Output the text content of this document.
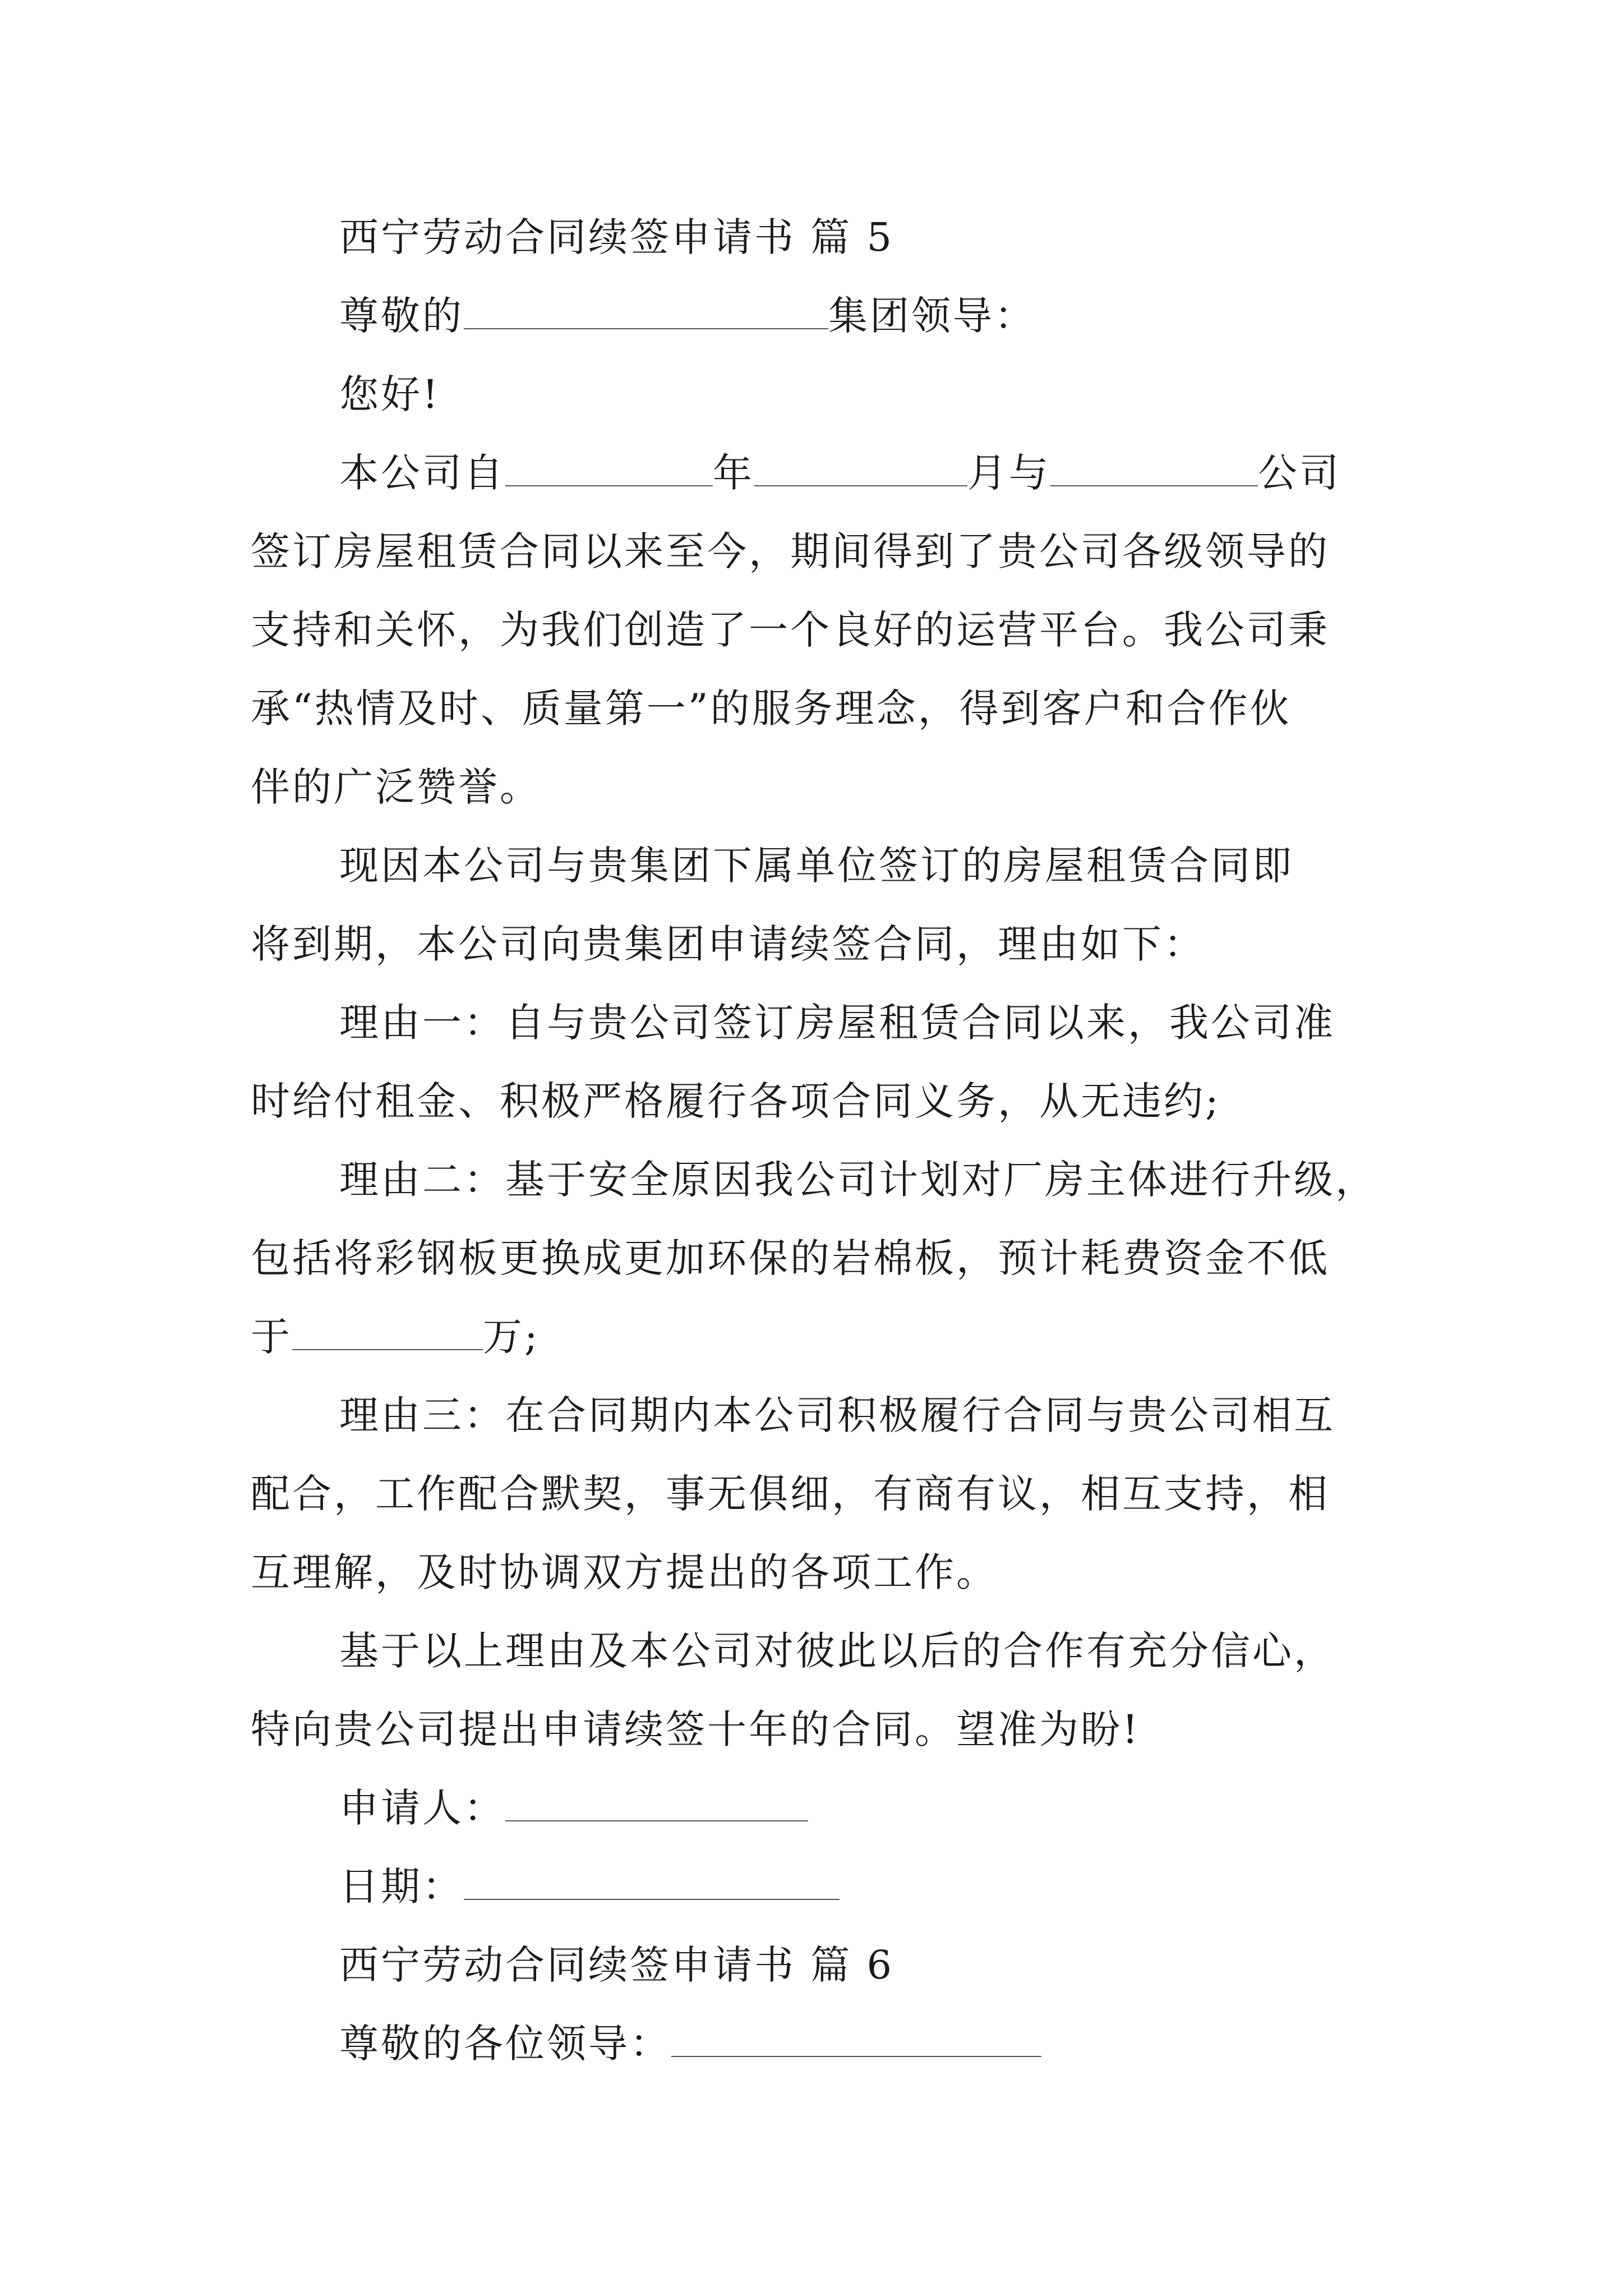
西宁劳动合同续签申请书 篇 5
尊敬的	集团领导：
您好!
本公司自	年	月与	公司
签订房屋租赁合同以来至今，期间得到了贵公司各级领导的
支持和关怀，为我们创造了一个良好的运营平台。我公司秉
承“热情及时、质量第一”的服务理念，得到客户和合作伙
伴的广泛赞誉。
现因本公司与贵集团下属单位签订的房屋租赁合同即
将到期，本公司向贵集团申请续签合同，理由如下：
理由一：自与贵公司签订房屋租赁合同以来，我公司准
时给付租金、积极严格履行各项合同义务，从无违约;
理由二：基于安全原因我公司计划对厂房主体进行升级，
包括将彩钢板更换成更加环保的岩棉板，预计耗费资金不低
于	万;
理由三：在合同期内本公司积极履行合同与贵公司相互
配合，工作配合默契，事无俱细，有商有议，相互支持，相
互理解，及时协调双方提出的各项工作。
基于以上理由及本公司对彼此以后的合作有充分信心，
特向贵公司提出申请续签十年的合同。望准为盼!
申请人：
日期：
西宁劳动合同续签申请书 篇 6
尊敬的各位领导：
